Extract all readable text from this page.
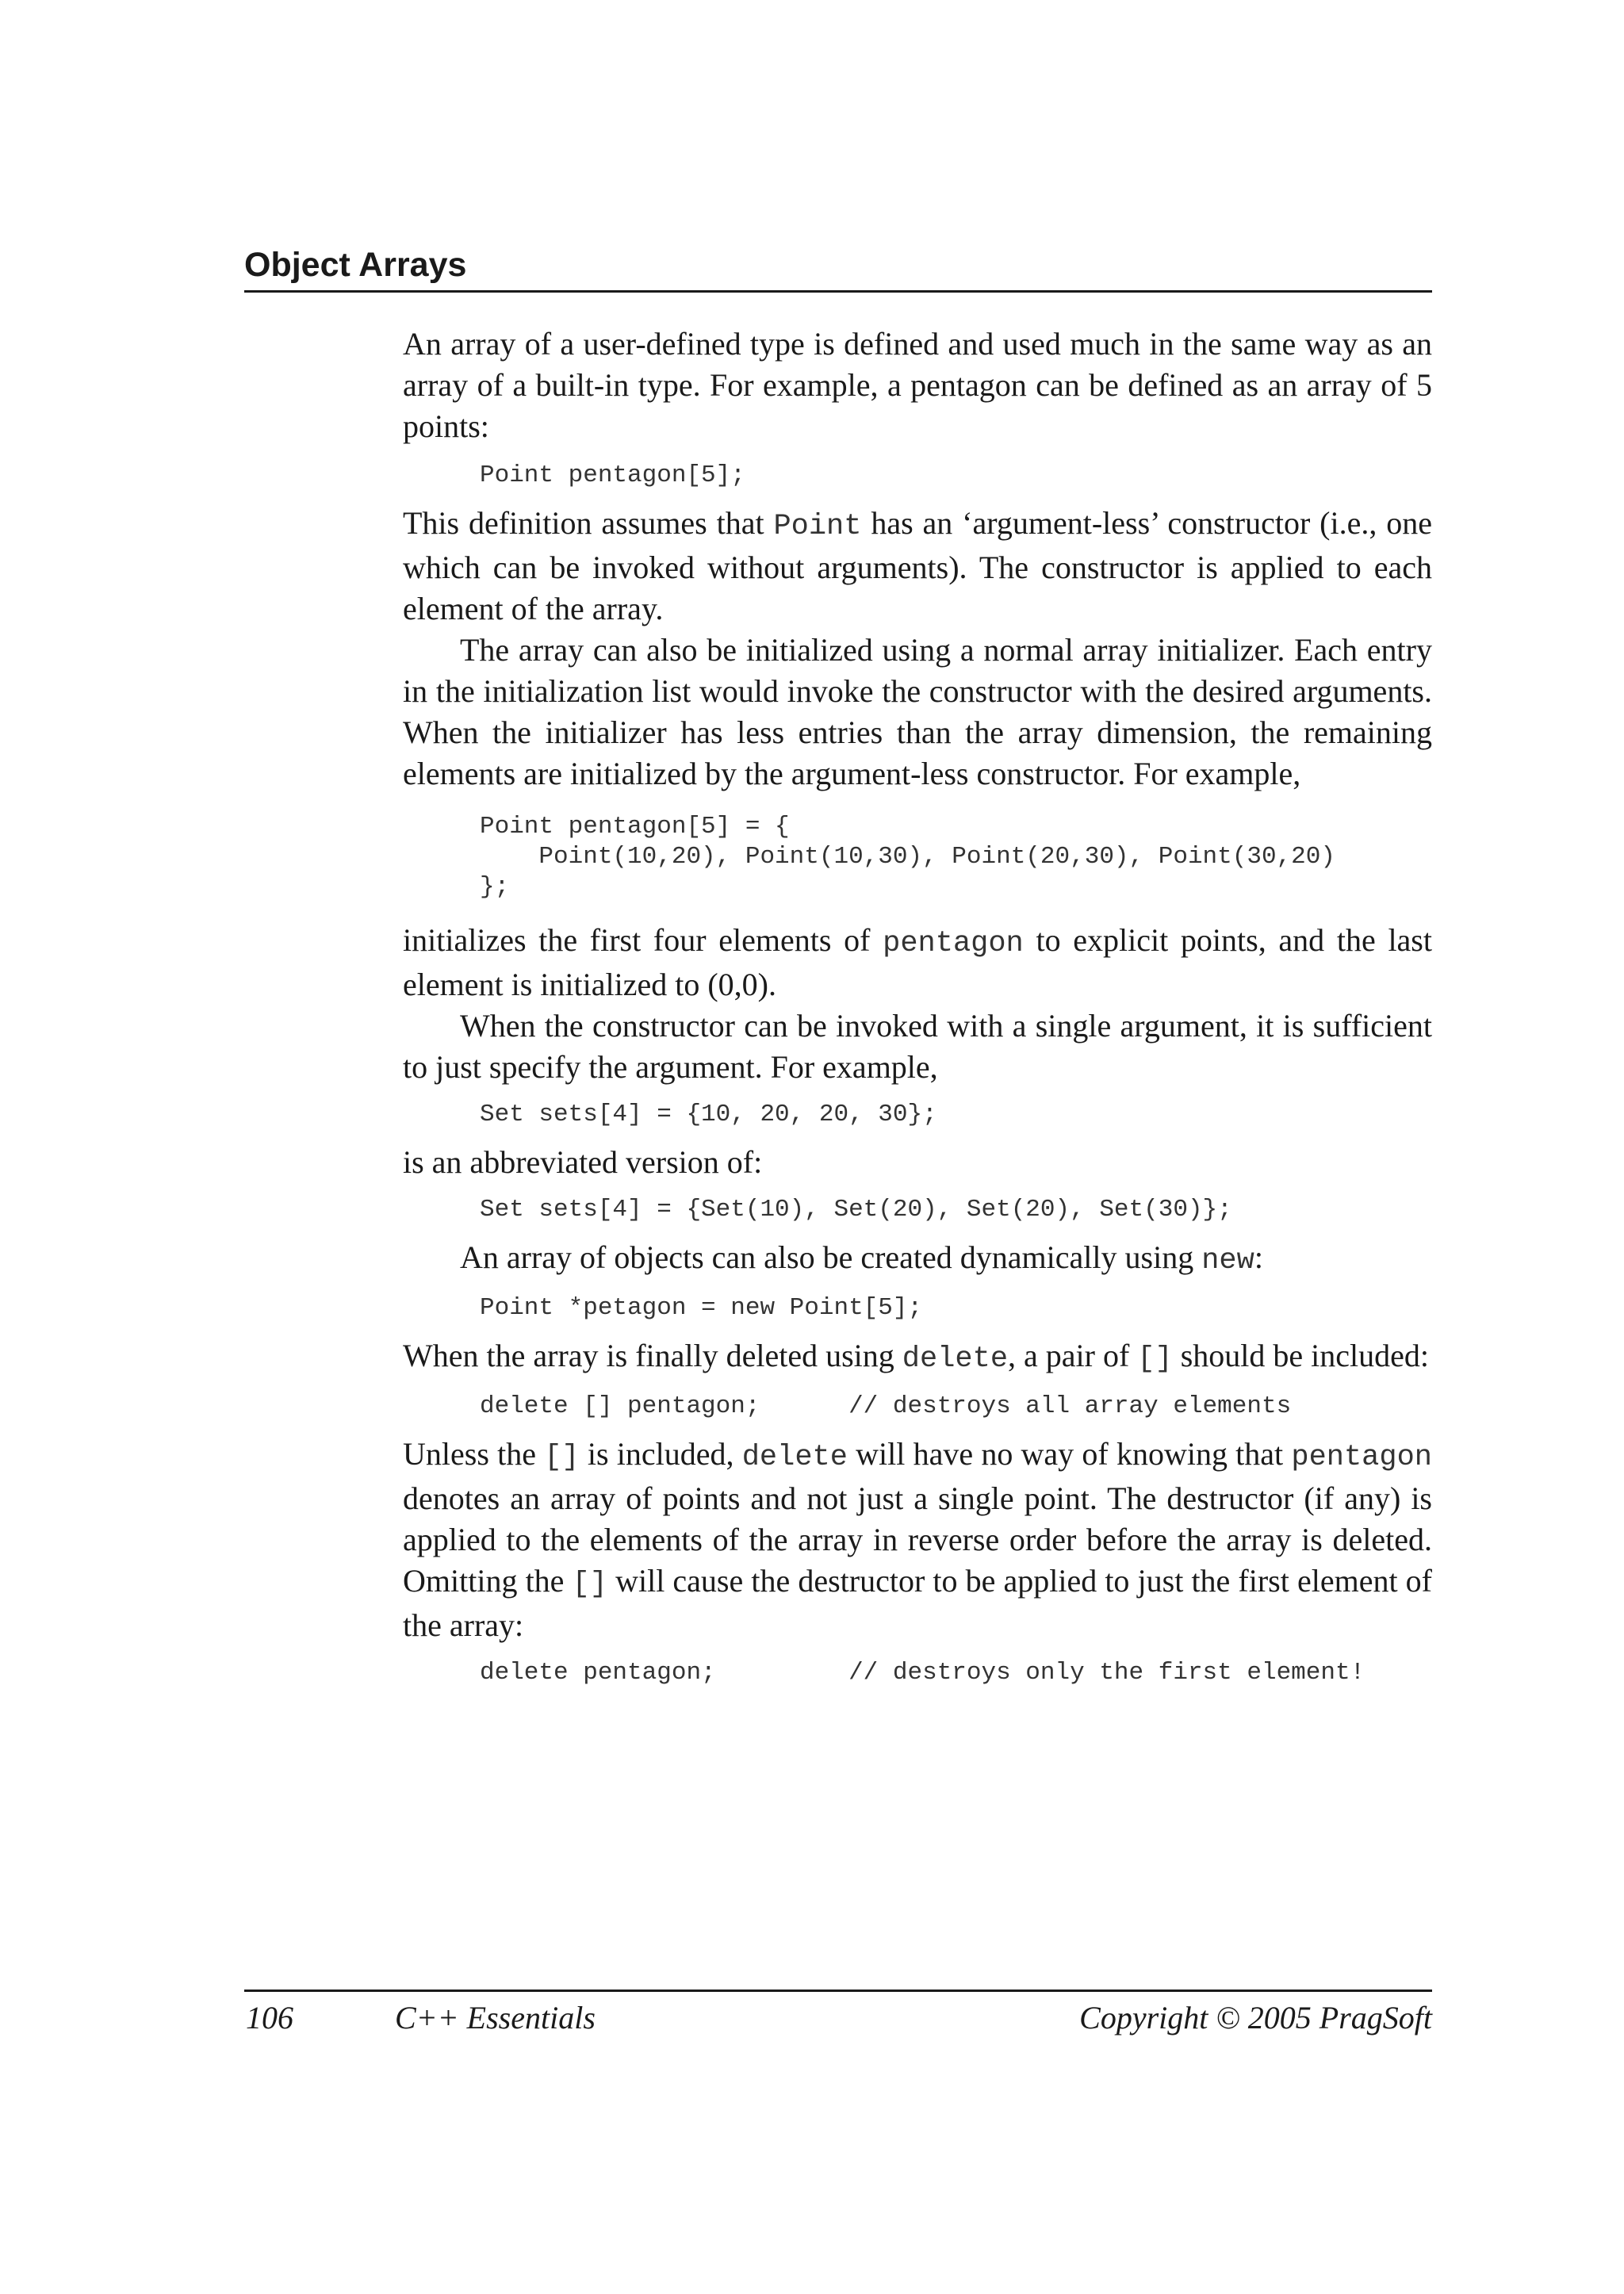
Object Arrays

An array of a user-defined type is defined and used much in the same way as an array of a built-in type. For example, a pentagon can be defined as an array of 5 points:

Point pentagon[5];

This definition assumes that Point has an ‘argument-less’ constructor (i.e., one which can be invoked without arguments). The constructor is applied to each element of the array.

The array can also be initialized using a normal array initializer. Each entry in the initialization list would invoke the constructor with the desired arguments. When the initializer has less entries than the array dimension, the remaining elements are initialized by the argument-less constructor. For example,

Point pentagon[5] = {
Point(10,20), Point(10,30), Point(20,30), Point(30,20)
};

initializes the first four elements of pentagon to explicit points, and the last element is initialized to (0,0).

When the constructor can be invoked with a single argument, it is sufficient to just specify the argument. For example,

Set sets[4] = {10, 20, 20, 30};

is an abbreviated version of:

Set sets[4] = {Set(10), Set(20), Set(20), Set(30)};

An array of objects can also be created dynamically using new:

Point *petagon = new Point[5];

When the array is finally deleted using delete, a pair of [] should be included:

delete [] pentagon;      // destroys all array elements

Unless the [] is included, delete will have no way of knowing that pentagon denotes an array of points and not just a single point. The destructor (if any) is applied to the elements of the array in reverse order before the array is deleted. Omitting the [] will cause the destructor to be applied to just the first element of the array:

delete pentagon;         // destroys only the first element!
106	C++ Essentials	Copyright © 2005 PragSoft
